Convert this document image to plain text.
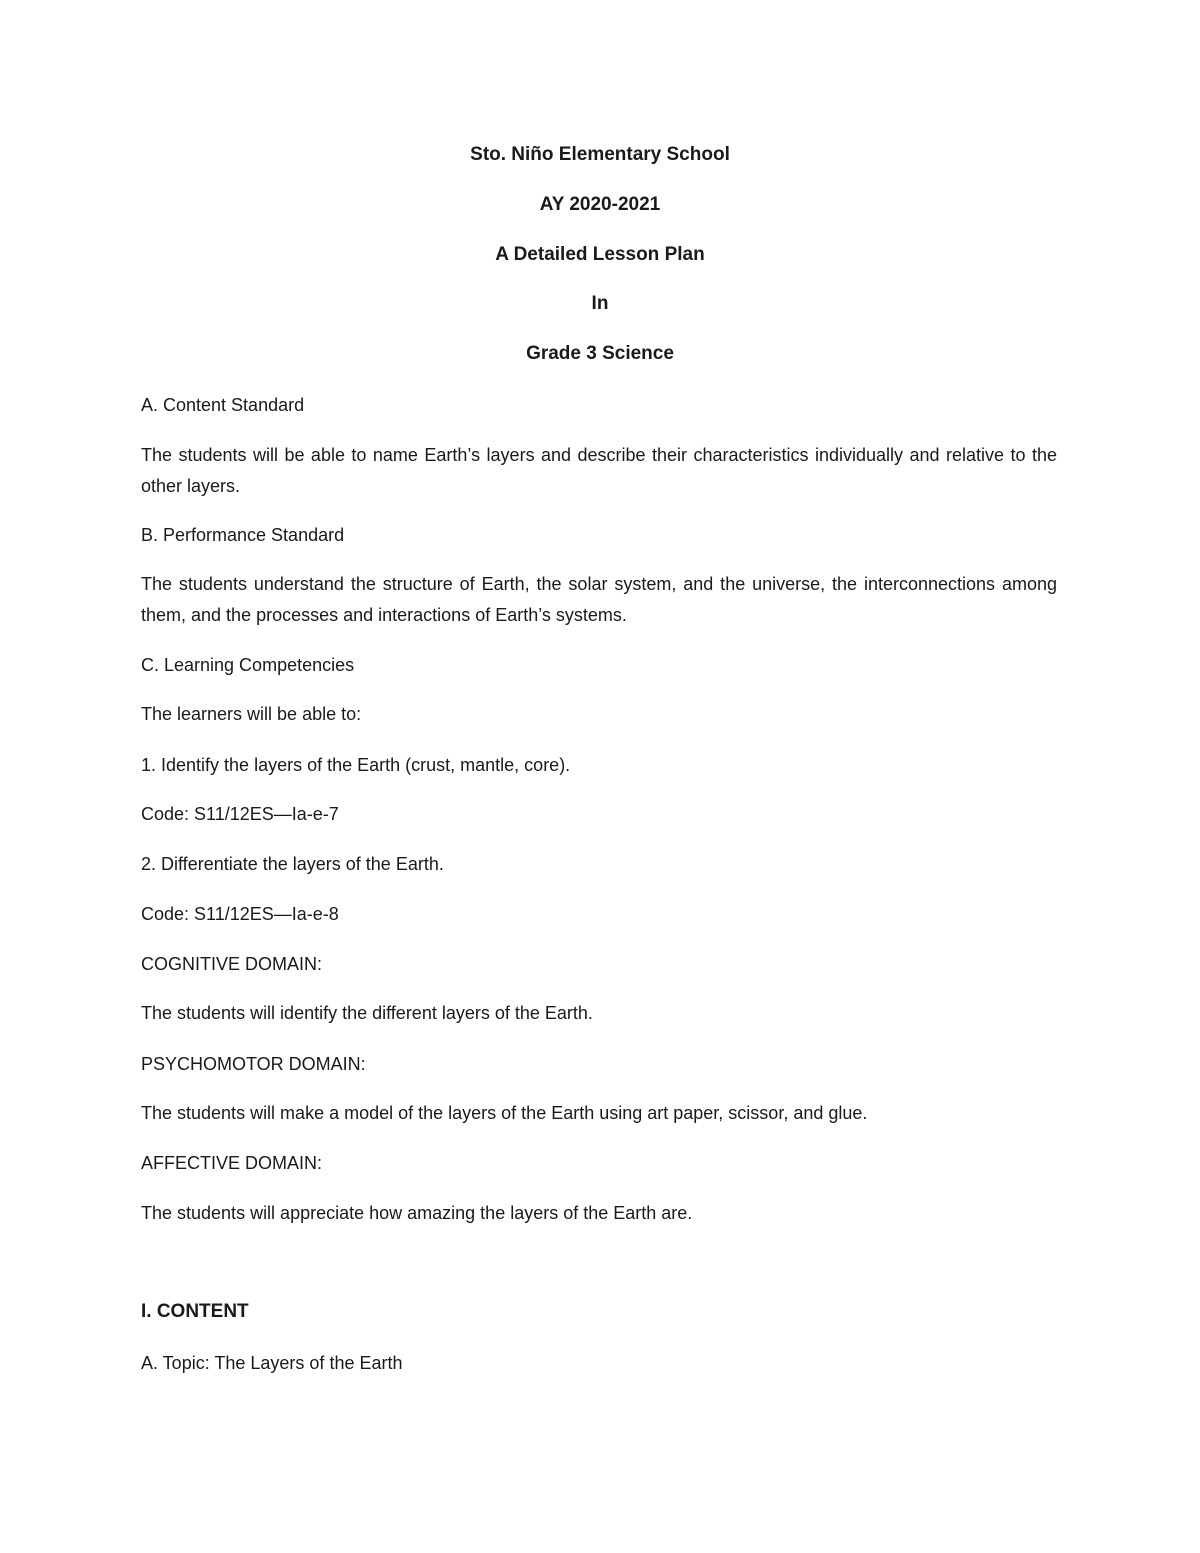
Sto. Niño Elementary School
AY 2020-2021
A Detailed Lesson Plan
In
Grade 3 Science
A. Content Standard
The students will be able to name Earth’s layers and describe their characteristics individually and relative to the other layers.
B. Performance Standard
The students understand the structure of Earth, the solar system, and the universe, the interconnections among them, and the processes and interactions of Earth’s systems.
C. Learning Competencies
The learners will be able to:
1. Identify the layers of the Earth (crust, mantle, core).
Code: S11/12ES—Ia-e-7
2. Differentiate the layers of the Earth.
Code: S11/12ES—Ia-e-8
COGNITIVE DOMAIN:
The students will identify the different layers of the Earth.
PSYCHOMOTOR DOMAIN:
The students will make a model of the layers of the Earth using art paper, scissor, and glue.
AFFECTIVE DOMAIN:
The students will appreciate how amazing the layers of the Earth are.
I. CONTENT
A. Topic: The Layers of the Earth
